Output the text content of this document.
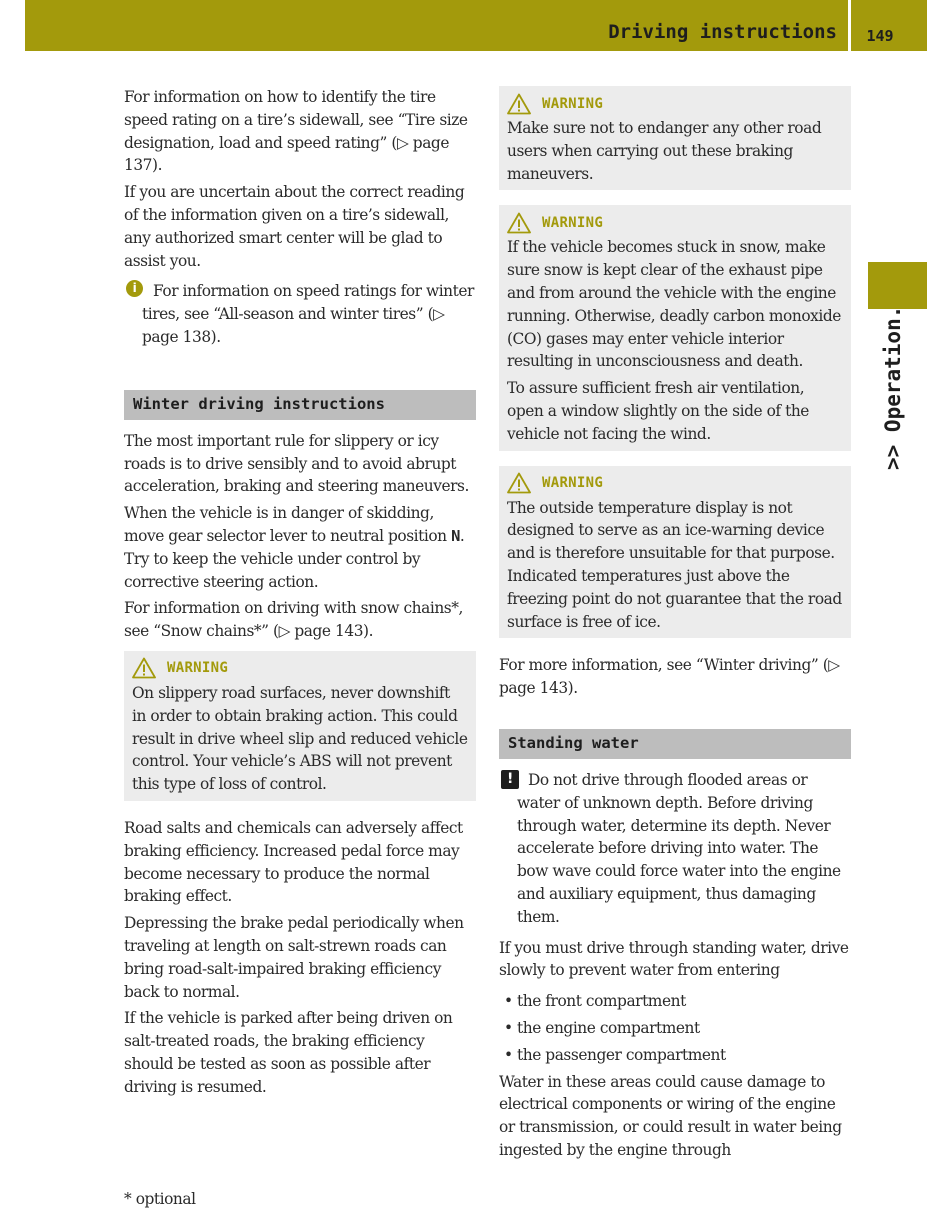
Driving instructions	149
>> Operation.

For information on how to identify the tire speed rating on a tire’s sidewall, see “Tire size designation, load and speed rating” (▷ page 137).

If you are uncertain about the correct reading of the information given on a tire’s sidewall, any authorized smart center will be glad to assist you.

i	For information on speed ratings for winter tires, see “All-season and winter tires” (▷ page 138).
Winter driving instructions

The most important rule for slippery or icy roads is to drive sensibly and to avoid abrupt acceleration, braking and steering maneuvers.

When the vehicle is in danger of skidding, move gear selector lever to neutral position N. Try to keep the vehicle under control by corrective steering action.

For information on driving with snow chains*, see “Snow chains*” (▷ page 143).

WARNING

On slippery road surfaces, never downshift in order to obtain braking action. This could result in drive wheel slip and reduced vehicle control. Your vehicle’s ABS will not prevent this type of loss of control.

Road salts and chemicals can adversely affect braking efficiency. Increased pedal force may become necessary to produce the normal braking effect.

Depressing the brake pedal periodically when traveling at length on salt-strewn roads can bring road-salt-impaired braking efficiency back to normal.

If the vehicle is parked after being driven on salt-treated roads, the braking efficiency should be tested as soon as possible after driving is resumed.

WARNING

Make sure not to endanger any other road users when carrying out these braking maneuvers.

WARNING

If the vehicle becomes stuck in snow, make sure snow is kept clear of the exhaust pipe and from around the vehicle with the engine running. Otherwise, deadly carbon monoxide (CO) gases may enter vehicle interior resulting in unconsciousness and death.

To assure sufficient fresh air ventilation, open a window slightly on the side of the vehicle not facing the wind.

WARNING

The outside temperature display is not designed to serve as an ice-warning device and is therefore unsuitable for that purpose. Indicated temperatures just above the freezing point do not guarantee that the road surface is free of ice.

For more information, see “Winter driving” (▷ page 143).

Standing water
! Do not drive through flooded areas or water of unknown depth. Before driving through water, determine its depth. Never accelerate before driving into water. The bow wave could force water into the engine and auxiliary equipment, thus damaging them.

If you must drive through standing water, drive slowly to prevent water from entering

• the front compartment
• the engine compartment
• the passenger compartment

Water in these areas could cause damage to electrical components or wiring of the engine or transmission, or could result in water being ingested by the engine through

* optional
